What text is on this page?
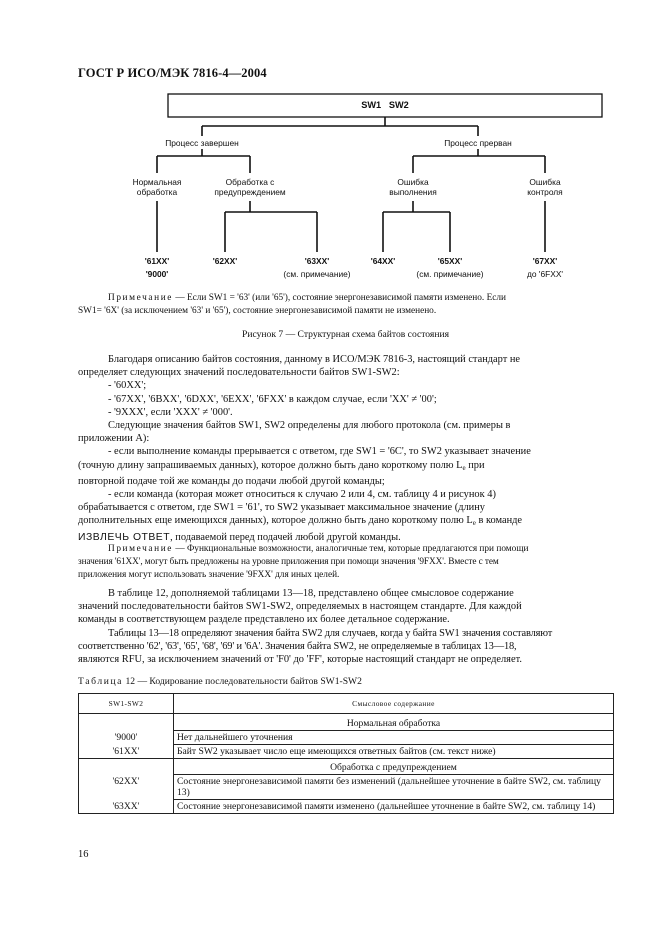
ГОСТ Р ИСО/МЭК 7816-4—2004
SW1   SW2
Процесс завершен	Процесс прерван
Нормальная
обработка
Обработка с
предупреждением
Ошибка
выполнения
Ошибка
контроля
'61XX'
'9000'
'62XX'	'63XX'
(см. примечание)
'64XX'	'65XX'
(см. примечание)
'67XX'
до '6FXX'
Примечание — Если SW1 = '63' (или '65'), состояние энергонезависимой памяти изменено. Если
SW1= '6X' (за исключением '63' и '65'), состояние энергонезависимой памяти не изменено.
Рисунок 7 — Структурная схема байтов состояния
Благодаря описанию байтов состояния, данному в ИСО/МЭК 7816-3, настоящий стандарт не
определяет следующих значений последовательности байтов SW1-SW2:
- '60XX';
- '67XX', '6BXX', '6DXX', '6EXX', '6FXX' в каждом случае, если 'XX' ≠ '00';
- '9XXX', если 'XXX' ≠ '000'.
Следующие значения байтов SW1, SW2 определены для любого протокола (см. примеры в
приложении А):
- если выполнение команды прерывается с ответом, где SW1 = '6C', то SW2 указывает значение
(точную длину запрашиваемых данных), которое должно быть дано короткому полю $L_e$ при
повторной подаче той же команды до подачи любой другой команды;
- если команда (которая может относиться к случаю 2 или 4, см. таблицу 4 и рисунок 4)
обрабатывается с ответом, где SW1 = '61', то SW2 указывает максимальное значение (длину
дополнительных еще имеющихся данных), которое должно быть дано короткому полю $L_e$ в команде
ИЗВЛЕЧЬ ОТВЕТ, подаваемой перед подачей любой другой команды.
Примечание — Функциональные возможности, аналогичные тем, которые предлагаются при помощи
значения '61XX', могут быть предложены на уровне приложения при помощи значения '9FXX'. Вместе с тем
приложения могут использовать значение '9FXX' для иных целей.
В таблице 12, дополняемой таблицами 13—18, представлено общее смысловое содержание
значений последовательности байтов SW1-SW2, определяемых в настоящем стандарте. Для каждой
команды в соответствующем разделе представлено их более детальное содержание.
Таблицы 13—18 определяют значения байта SW2 для случаев, когда у байта SW1 значения составляют
соответственно '62', '63', '65', '68', '69' и '6A'. Значения байта SW2, не определяемые в таблицах 13—18,
являются RFU, за исключением значений от 'F0' до 'FF', которые настоящий стандарт не определяет.
Таблица 12 — Кодирование последовательности байтов SW1-SW2
SW1-SW2	Смысловое содержание
	Нормальная обработка
'9000'	Нет дальнейшего уточнения
'61XX'	Байт SW2 указывает число еще имеющихся ответных байтов (см. текст ниже)
	Обработка с предупреждением
'62XX'	Состояние энергонезависимой памяти без изменений (дальнейшее уточнение в байте SW2, см. таблицу 13)
'63XX'	Состояние энергонезависимой памяти изменено (дальнейшее уточнение в байте SW2, см. таблицу 14)
16
